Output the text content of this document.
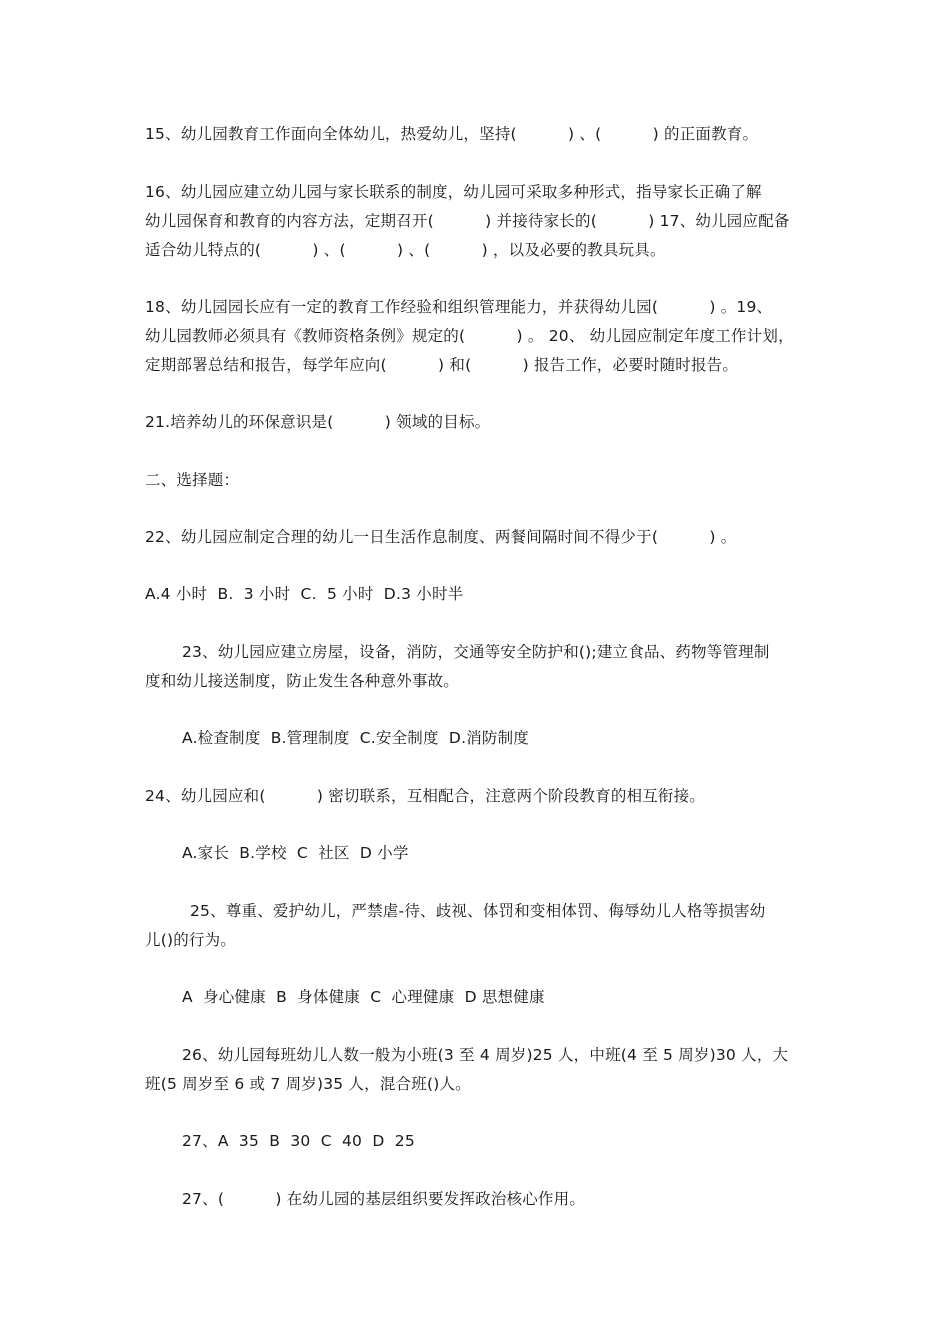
15、幼儿园教育工作面向全体幼儿，热爱幼儿，坚持(          ) 、(          ) 的正面教育。
16、幼儿园应建立幼儿园与家长联系的制度，幼儿园可采取多种形式，指导家长正确了解
幼儿园保育和教育的内容方法，定期召开(          ) 并接待家长的(          ) 17、幼儿园应配备
适合幼儿特点的(          ) 、(          ) 、(          ) ，以及必要的教具玩具。
18、幼儿园园长应有一定的教育工作经验和组织管理能力，并获得幼儿园(          ) 。19、
幼儿园教师必须具有《教师资格条例》规定的(          ) 。 20、 幼儿园应制定年度工作计划，
定期部署总结和报告，每学年应向(          ) 和(          ) 报告工作，必要时随时报告。
21.培养幼儿的环保意识是(          ) 领域的目标。
二、选择题：
22、幼儿园应制定合理的幼儿一日生活作息制度、两餐间隔时间不得少于(          ) 。
A.4 小时  B.  3 小时  C.  5 小时  D.3 小时半
23、幼儿园应建立房屋，设备，消防，交通等安全防护和();建立食品、药物等管理制
度和幼儿接送制度，防止发生各种意外事故。
A.检查制度  B.管理制度  C.安全制度  D.消防制度
24、幼儿园应和(          ) 密切联系，互相配合，注意两个阶段教育的相互衔接。
A.家长  B.学校  C  社区  D 小学
25、尊重、爱护幼儿，严禁虐-待、歧视、体罚和变相体罚、侮辱幼儿人格等损害幼
儿()的行为。
A  身心健康  B  身体健康  C  心理健康  D 思想健康
26、幼儿园每班幼儿人数一般为小班(3 至 4 周岁)25 人，中班(4 至 5 周岁)30 人，大
班(5 周岁至 6 或 7 周岁)35 人，混合班()人。
27、A  35  B  30  C  40  D  25
27、(          ) 在幼儿园的基层组织要发挥政治核心作用。
